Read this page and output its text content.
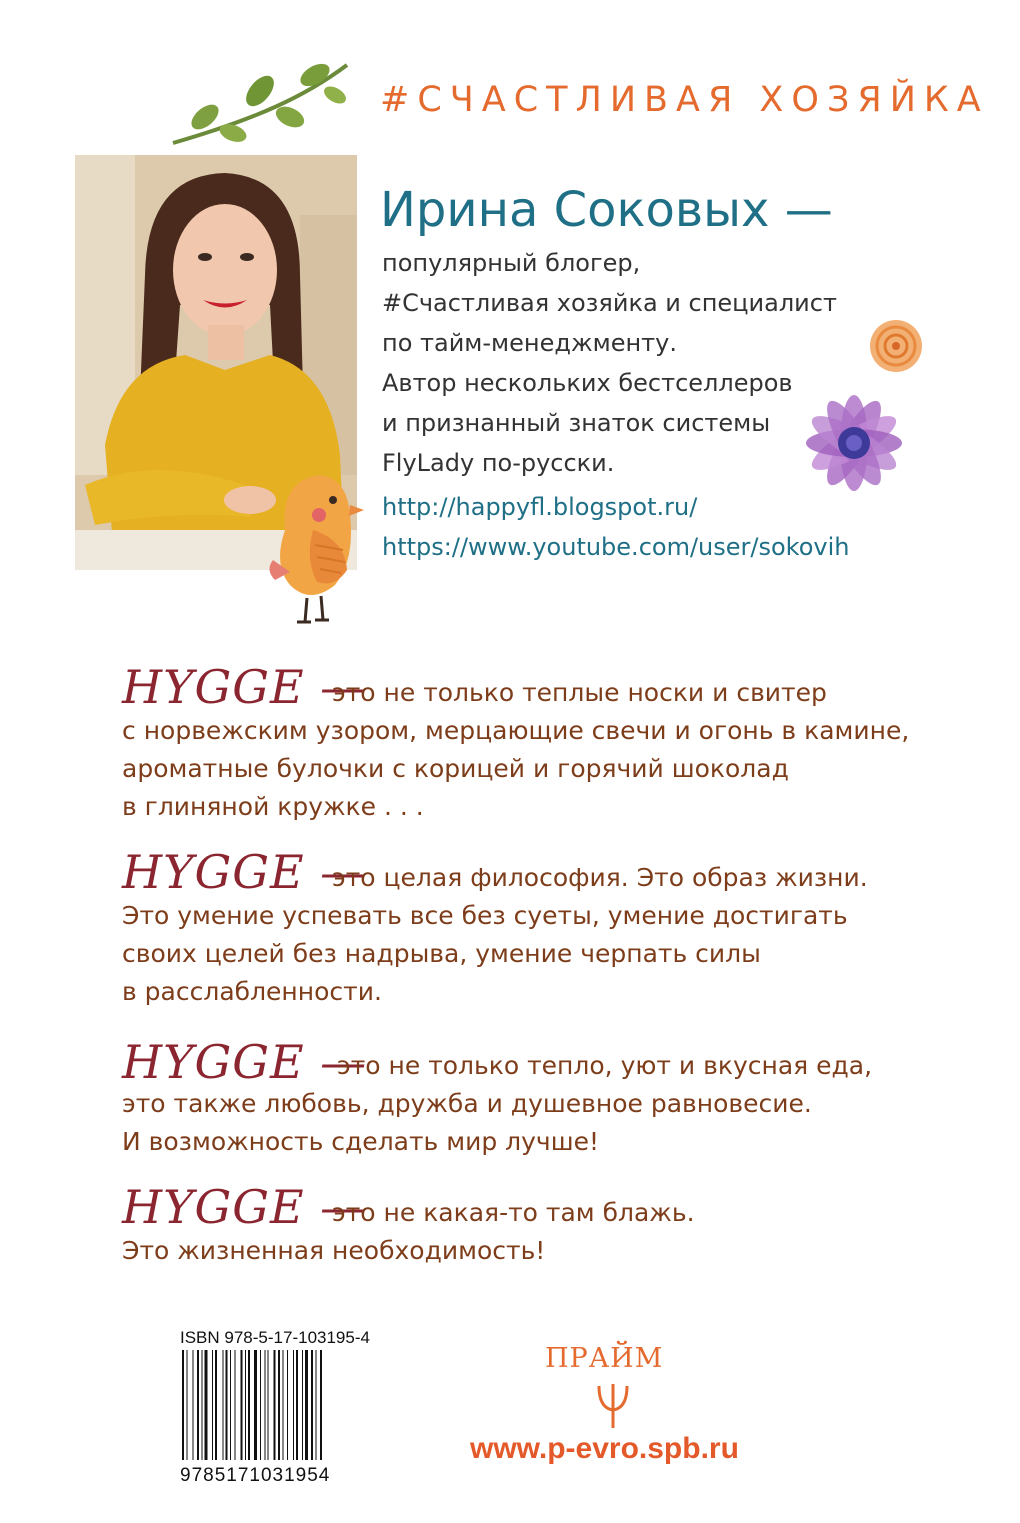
#СЧАСТЛИВАЯ ХОЗЯЙКА
Ирина Соковых —
популярный блогер,
#Счастливая хозяйка и специалист
по тайм-менеджменту.
Автор нескольких бестселлеров
и признанный знаток системы
FlyLady по-русски.
http://happyfl.blogspot.ru/
https://www.youtube.com/user/sokovih
HYGGE —
это не только теплые носки и свитер
с норвежским узором, мерцающие свечи и огонь в камине,
ароматные булочки с корицей и горячий шоколад
в глиняной кружке . . .
HYGGE —
это целая философия. Это образ жизни.
Это умение успевать все без суеты, умение достигать
своих целей без надрыва, умение черпать силы
в расслабленности.
HYGGE —
это не только тепло, уют и вкусная еда,
это также любовь, дружба и душевное равновесие.
И возможность сделать мир лучше!
HYGGE —
это не какая-то там блажь.
Это жизненная необходимость!
ISBN 978-5-17-103195-4
9785171031954
ПРАЙМ
www.p-evro.spb.ru
